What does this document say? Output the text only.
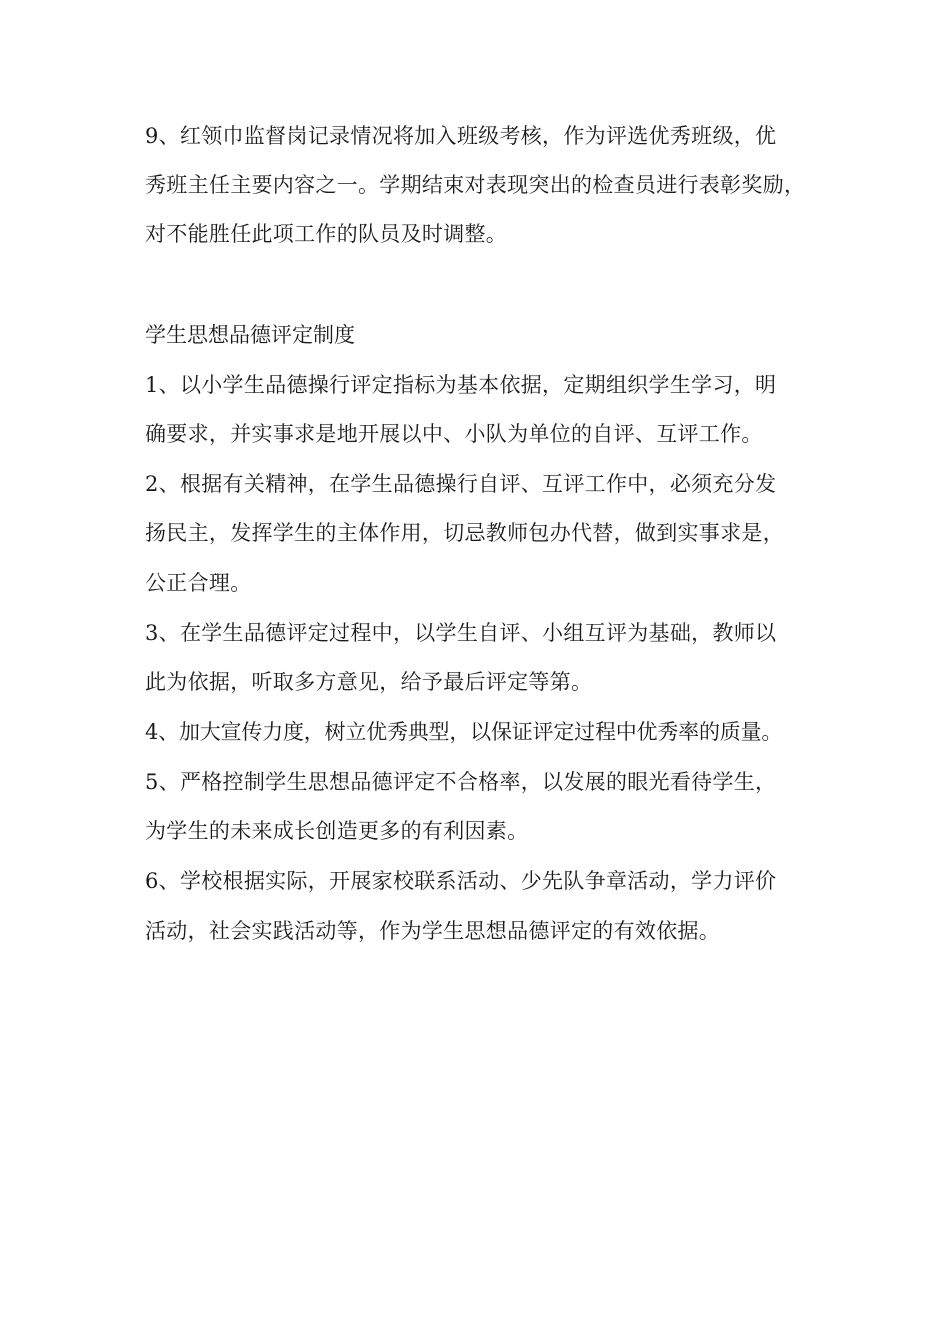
9、红领巾监督岗记录情况将加入班级考核，作为评选优秀班级，优
秀班主任主要内容之一。学期结束对表现突出的检查员进行表彰奖励，
对不能胜任此项工作的队员及时调整。
学生思想品德评定制度
1、以小学生品德操行评定指标为基本依据，定期组织学生学习，明
确要求，并实事求是地开展以中、小队为单位的自评、互评工作。
2、根据有关精神，在学生品德操行自评、互评工作中，必须充分发
扬民主，发挥学生的主体作用，切忌教师包办代替，做到实事求是，
公正合理。
3、在学生品德评定过程中，以学生自评、小组互评为基础，教师以
此为依据，听取多方意见，给予最后评定等第。
4、加大宣传力度，树立优秀典型，以保证评定过程中优秀率的质量。
5、严格控制学生思想品德评定不合格率，以发展的眼光看待学生，
为学生的未来成长创造更多的有利因素。
6、学校根据实际，开展家校联系活动、少先队争章活动，学力评价
活动，社会实践活动等，作为学生思想品德评定的有效依据。
